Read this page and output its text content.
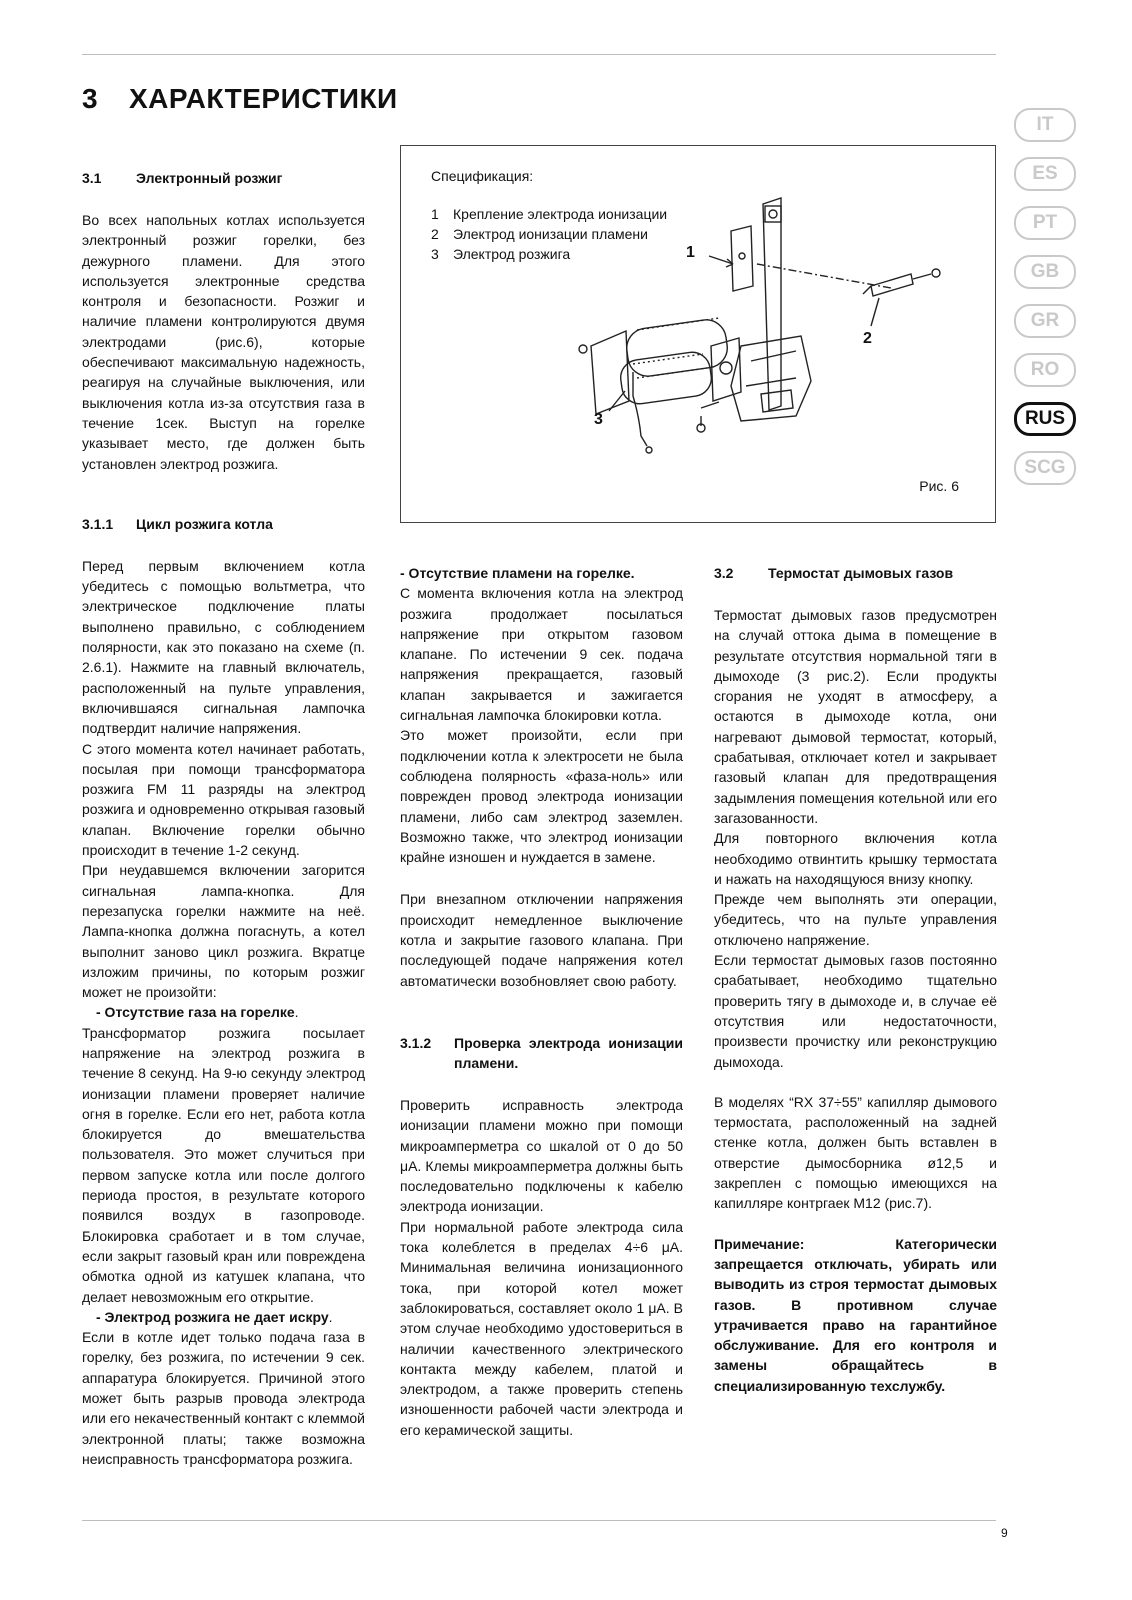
3 ХАРАКТЕРИСТИКИ
IT
ES
PT
GB
GR
RO
RUS
SCG
3.1	Электронный розжиг

Во всех напольных котлах используется электронный розжиг горелки, без дежурного пламени. Для этого используется электронные средства контроля и безопасности. Розжиг и наличие пламени контролируются двумя электродами (рис.6), которые обеспечивают максимальную надежность, реагируя на случайные выключения, или выключения котла из-за отсутствия газа в течение 1сек. Выступ на горелке указывает место, где должен быть установлен электрод розжига.

3.1.1	Цикл розжига котла

Перед первым включением котла убедитесь с помощью вольтметра, что электрическое подключение платы выполнено правильно, с соблюдением полярности, как это показано на схеме (п. 2.6.1). Нажмите на главный включатель, расположенный на пульте управления, включившаяся сигнальная лампочка подтвердит наличие напряжения.

С этого момента котел начинает работать, посылая при помощи трансформатора розжига FM 11 разряды на электрод розжига и одновременно открывая газовый клапан. Включение горелки обычно происходит в течение 1-2 секунд.

При неудавшемся включении загорится сигнальная лампа-кнопка. Для перезапуска горелки нажмите на неё. Лампа-кнопка должна погаснуть, а котел выполнит заново цикл розжига. Вкратце изложим причины, по которым розжиг может не произойти:

- Отсутствие газа на горелке.

Трансформатор розжига посылает напряжение на электрод розжига в течение 8 секунд. На 9-ю секунду электрод ионизации пламени проверяет наличие огня в горелке. Если его нет, работа котла блокируется до вмешательства пользователя. Это может случиться при первом запуске котла или после долгого периода простоя, в результате которого появился воздух в газопроводе. Блокировка сработает и в том случае, если закрыт газовый кран или повреждена обмотка одной из катушек клапана, что делает невозможным его открытие.

- Электрод розжига не дает искру.

Если в котле идет только подача газа в горелку, без розжига, по истечении 9 сек. аппаратура блокируется. Причиной этого может быть разрыв провода электрода или его некачественный контакт с клеммой электронной платы; также возможна неисправность трансформатора розжига.

Спецификация:
1	Крепление электрода ионизации
2	Электрод ионизации пламени
3	Электрод розжига	1
2
3
Рис. 6

- Отсутствие пламени на горелке.

С момента включения котла на электрод розжига продолжает посылаться напряжение при открытом газовом клапане. По истечении 9 сек. подача напряжения прекращается, газовый клапан закрывается и зажигается сигнальная лампочка блокировки котла.

Это может произойти, если при подключении котла к электросети не была соблюдена полярность «фаза-ноль» или поврежден провод электрода ионизации пламени, либо сам электрод заземлен. Возможно также, что электрод ионизации крайне изношен и нуждается в замене.

При внезапном отключении напряжения происходит немедленное выключение котла и закрытие газового клапана. При последующей подаче напряжения котел автоматически возобновляет свою работу.

3.1.2	Проверка электрода ионизации пламени.

Проверить исправность электрода ионизации пламени можно при помощи микроамперметра со шкалой от 0 до 50 μA. Клемы микроамперметра должны быть последовательно подключены к кабелю электрода ионизации.

При нормальной работе электрода сила тока колеблется в пределах 4÷6 μA. Минимальная величина ионизационного тока, при которой котел может заблокироваться, составляет около 1 μA. В этом случае необходимо удостовериться в наличии качественного электрического контакта между кабелем, платой и электродом, а также проверить степень изношенности рабочей части электрода и его керамической защиты.

3.2	Термостат дымовых газов

Термостат дымовых газов предусмотрен на случай оттока дыма в помещение в результате отсутствия нормальной тяги в дымоходе (3 рис.2). Если продукты сгорания не уходят в атмосферу, а остаются в дымоходе котла, они нагревают дымовой термостат, который, срабатывая, отключает котел и закрывает газовый клапан для предотвращения задымления помещения котельной или его загазованности.

Для повторного включения котла необходимо отвинтить крышку термостата и нажать на находящуюся внизу кнопку.

Прежде чем выполнять эти операции, убедитесь, что на пульте управления отключено напряжение.

Если термостат дымовых газов постоянно срабатывает, необходимо тщательно проверить тягу в дымоходе и, в случае её отсутствия или недостаточности, произвести прочистку или реконструкцию дымохода.

В моделях “RX 37÷55” капилляр дымового термостата, расположенный на задней стенке котла, должен быть вставлен в отверстие дымосборника ø12,5 и закреплен с помощью имеющихся на капилляре контргаек М12 (рис.7).

Примечание: Категорически запрещается отключать, убирать или выводить из строя термостат дымовых газов. В противном случае утрачивается право на гарантийное обслуживание. Для его контроля и замены обращайтесь в специализированную техслужбу.

9
